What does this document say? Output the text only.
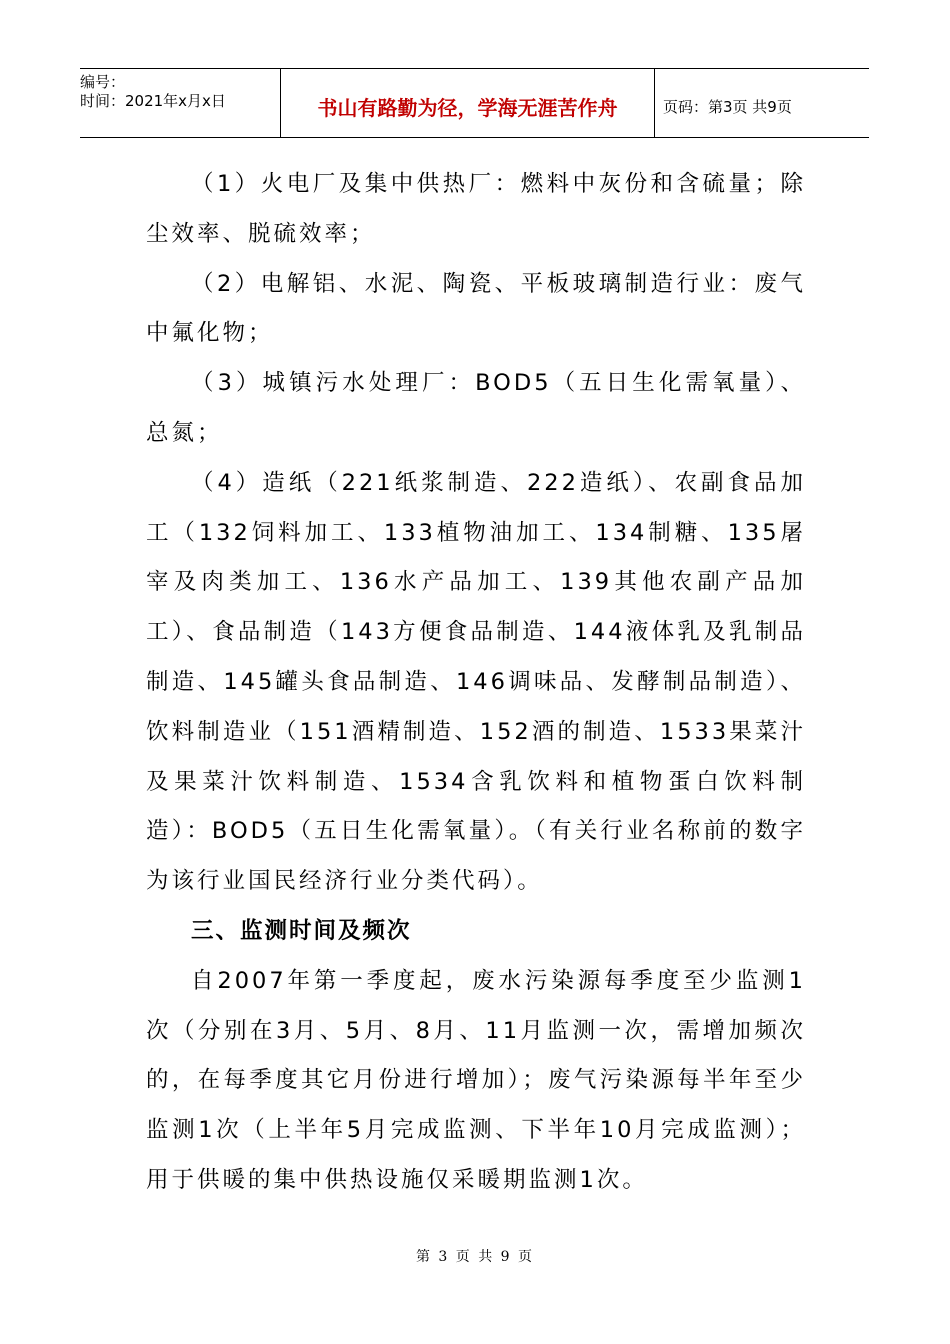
编号：
时间：2021年x月x日	书山有路勤为径，学海无涯苦作舟	页码：第3页 共9页

（1）火电厂及集中供热厂：燃料中灰份和含硫量；除尘效率、脱硫效率；

（2）电解铝、水泥、陶瓷、平板玻璃制造行业：废气中氟化物；

（3）城镇污水处理厂：BOD5（五日生化需氧量）、总氮；

（4）造纸（221纸浆制造、222造纸）、农副食品加工（132饲料加工、133植物油加工、134制糖、135屠宰及肉类加工、136水产品加工、139其他农副产品加工）、食品制造（143方便食品制造、144液体乳及乳制品制造、145罐头食品制造、146调味品、发酵制品制造）、饮料制造业（151酒精制造、152酒的制造、1533果菜汁及果菜汁饮料制造、1534含乳饮料和植物蛋白饮料制造）：BOD5（五日生化需氧量）。（有关行业名称前的数字为该行业国民经济行业分类代码）。

三、监测时间及频次

自2007年第一季度起，废水污染源每季度至少监测1次（分别在3月、5月、8月、11月监测一次，需增加频次的，在每季度其它月份进行增加）；废气污染源每半年至少监测1次（上半年5月完成监测、下半年10月完成监测）；用于供暖的集中供热设施仅采暖期监测1次。

第 3 页 共 9 页
